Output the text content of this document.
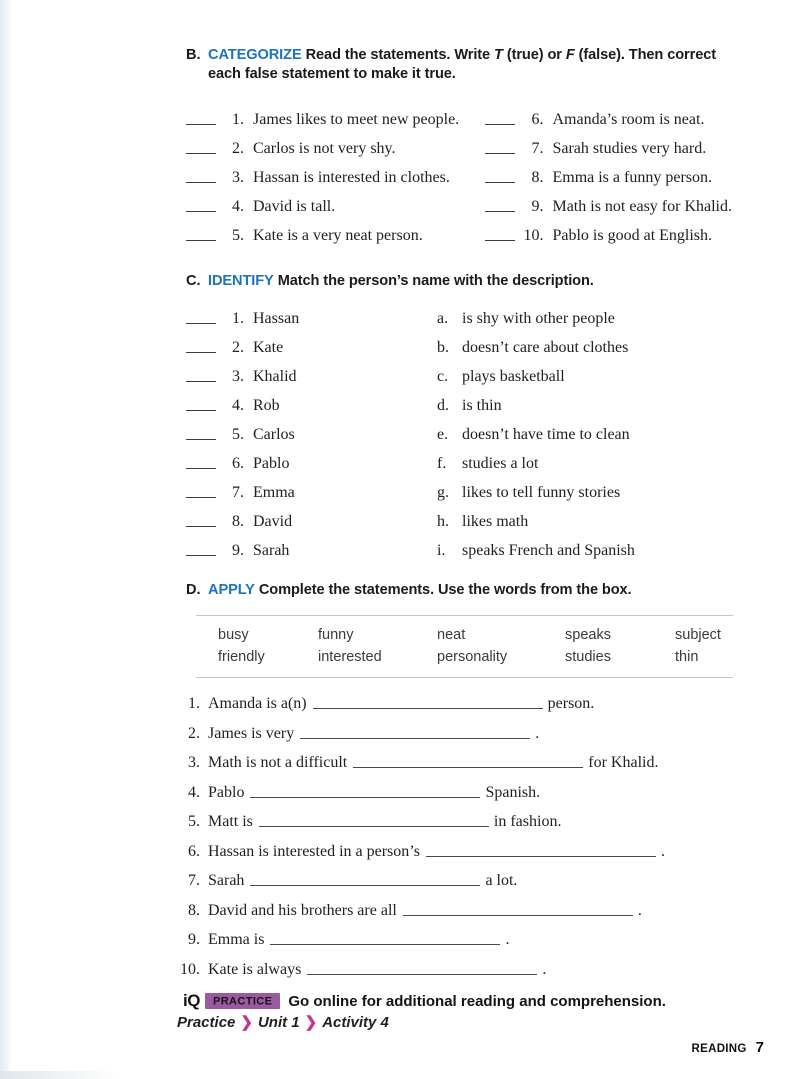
B. CATEGORIZE Read the statements. Write T (true) or F (false). Then correct each false statement to make it true.
1. James likes to meet new people.
2. Carlos is not very shy.
3. Hassan is interested in clothes.
4. David is tall.
5. Kate is a very neat person.
6. Amanda’s room is neat.
7. Sarah studies very hard.
8. Emma is a funny person.
9. Math is not easy for Khalid.
10. Pablo is good at English.
C. IDENTIFY Match the person’s name with the description.
1. Hassan
2. Kate
3. Khalid
4. Rob
5. Carlos
6. Pablo
7. Emma
8. David
9. Sarah
a. is shy with other people
b. doesn’t care about clothes
c. plays basketball
d. is thin
e. doesn’t have time to clean
f. studies a lot
g. likes to tell funny stories
h. likes math
i. speaks French and Spanish
D. APPLY Complete the statements. Use the words from the box.
busy
friendly
funny
interested
neat
personality
speaks
studies
subject
thin
1. Amanda is a(n)	person.
2. James is very	.
3. Math is not a difficult	for Khalid.
4. Pablo	Spanish.
5. Matt is	in fashion.
6. Hassan is interested in a person’s	.
7. Sarah	a lot.
8. David and his brothers are all	.
9. Emma is	.
10. Kate is always	.
iQ PRACTICE Go online for additional reading and comprehension.
Practice ❯ Unit 1 ❯ Activity 4
READING 7
